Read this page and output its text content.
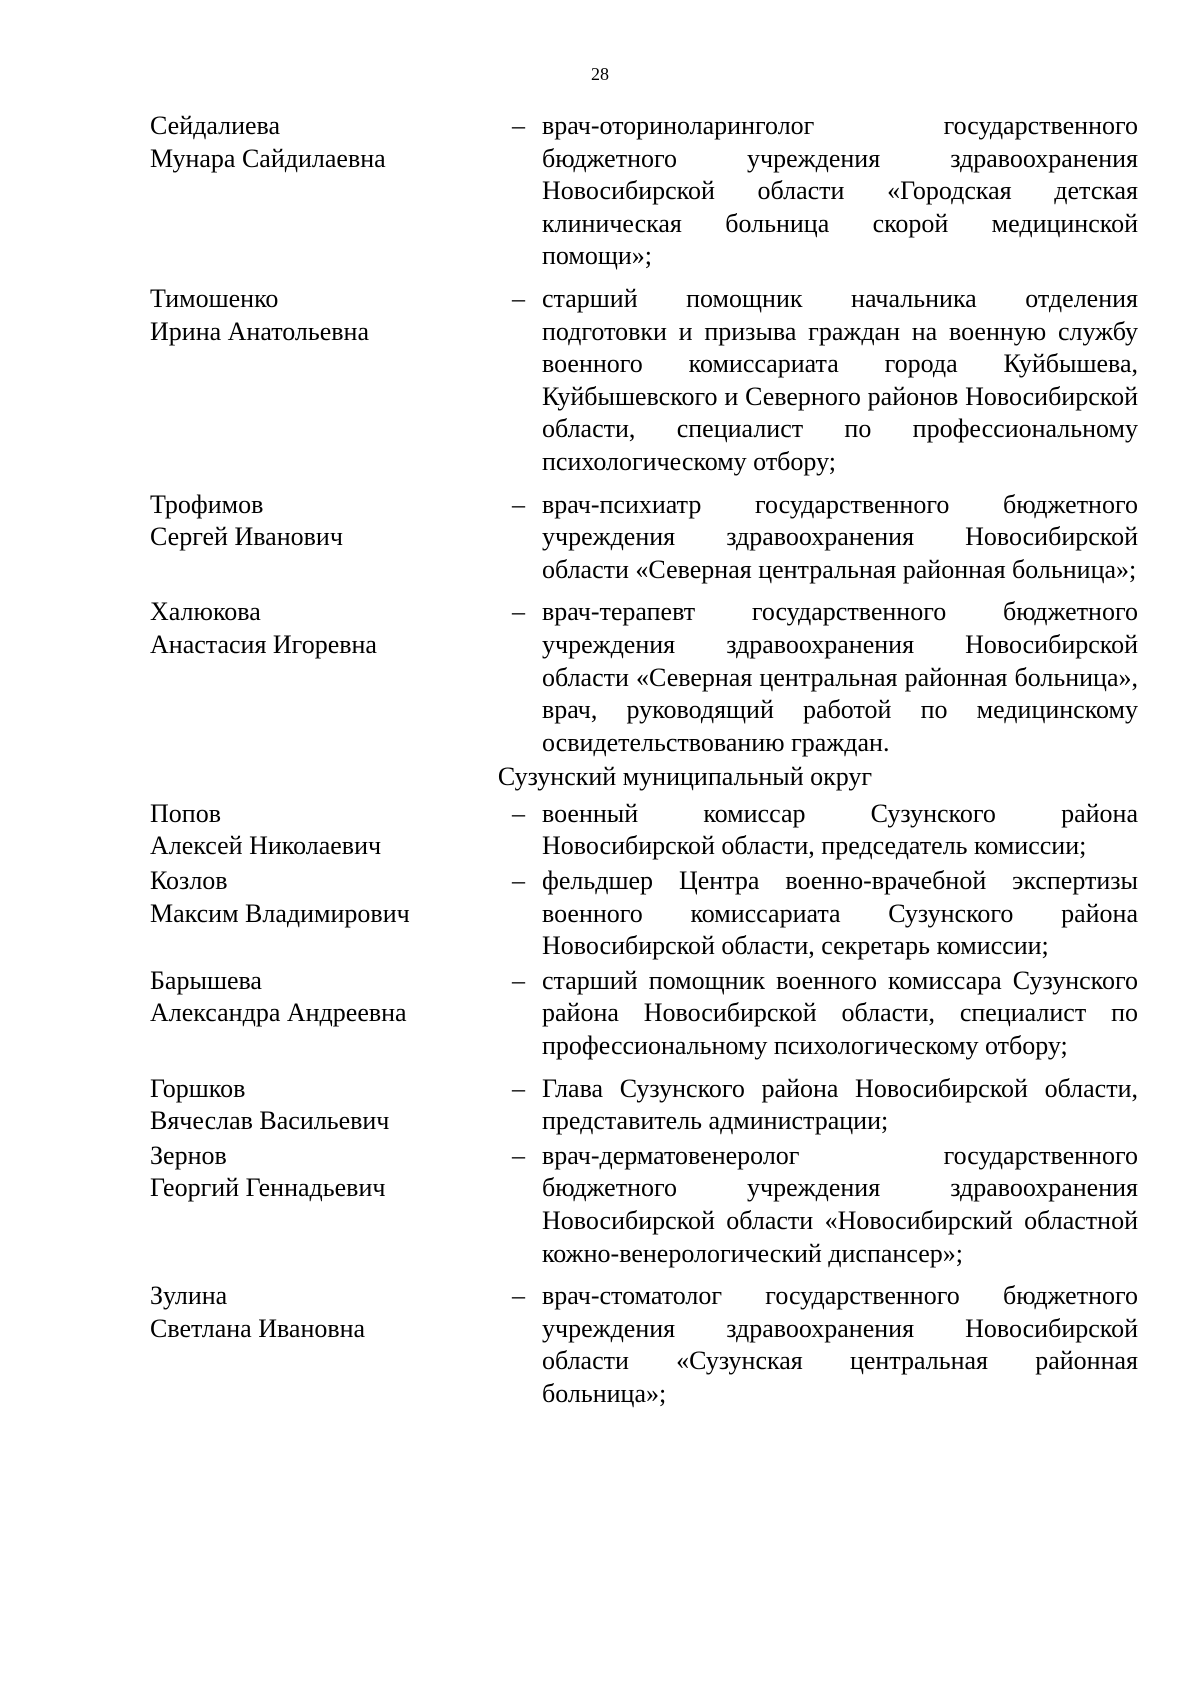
28
Сейдалиева
Мунара Сайдилаевна
– врач-оториноларинголог государственного бюджетного учреждения здравоохранения Новосибирской области «Городская детская клиническая больница скорой медицинской помощи»;
Тимошенко
Ирина Анатольевна
– старший помощник начальника отделения подготовки и призыва граждан на военную службу военного комиссариата города Куйбышева, Куйбышевского и Северного районов Новосибирской области, специалист по профессиональному психологическому отбору;
Трофимов
Сергей Иванович
– врач-психиатр государственного бюджетного учреждения здравоохранения Новосибирской области «Северная центральная районная больница»;
Халюкова
Анастасия Игоревна
– врач-терапевт государственного бюджетного учреждения здравоохранения Новосибирской области «Северная центральная районная больница», врач, руководящий работой по медицинскому освидетельствованию граждан.
Сузунский муниципальный округ
Попов
Алексей Николаевич
– военный комиссар Сузунского района Новосибирской области, председатель комиссии;
Козлов
Максим Владимирович
– фельдшер Центра военно-врачебной экспертизы военного комиссариата Сузунского района Новосибирской области, секретарь комиссии;
Барышева
Александра Андреевна
– старший помощник военного комиссара Сузунского района Новосибирской области, специалист по профессиональному психологическому отбору;
Горшков
Вячеслав Васильевич
– Глава Сузунского района Новосибирской области, представитель администрации;
Зернов
Георгий Геннадьевич
– врач-дерматовенеролог государственного бюджетного учреждения здравоохранения Новосибирской области «Новосибирский областной кожно-венерологический диспансер»;
Зулина
Светлана Ивановна
– врач-стоматолог государственного бюджетного учреждения здравоохранения Новосибирской области «Сузунская центральная районная больница»;
